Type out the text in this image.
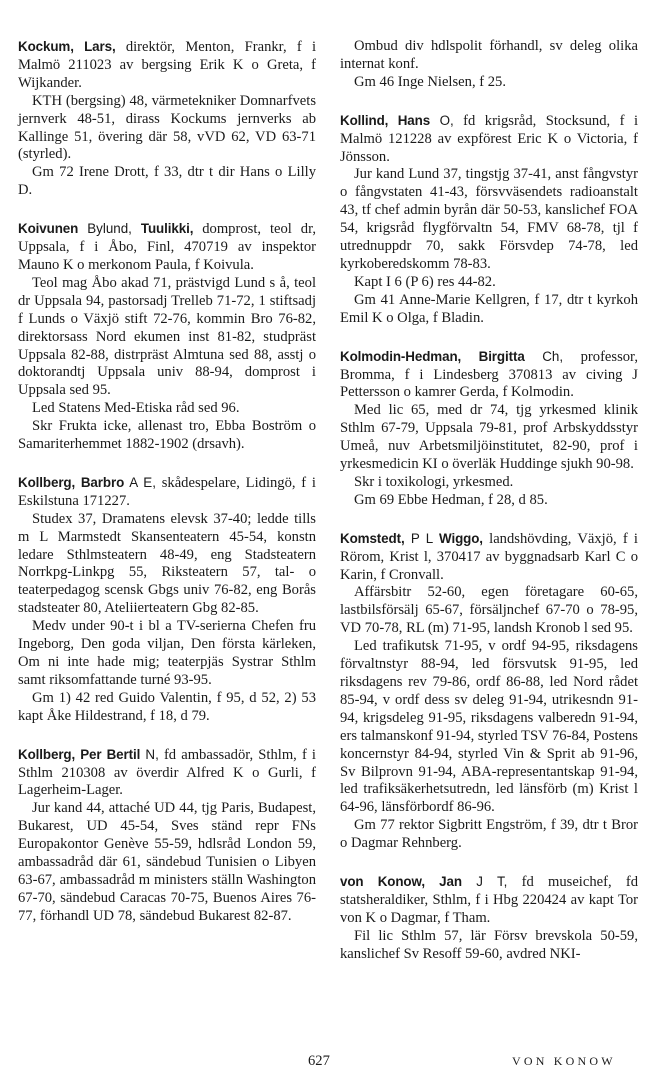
Kockum, Lars, direktör, Menton, Frankr, f i Malmö 211023 av bergsing Erik K o Greta, f Wijkander.

KTH (bergsing) 48, värmetekniker Domnarfvets jernverk 48-51, dirass Kockums jernverks ab Kallinge 51, övering där 58, vVD 62, VD 63-71 (styrled).

Gm 72 Irene Drott, f 33, dtr t dir Hans o Lilly D.

Koivunen Bylund, Tuulikki, domprost, teol dr, Uppsala, f i Åbo, Finl, 470719 av inspektor Mauno K o merkonom Paula, f Koivula.

Teol mag Åbo akad 71, prästvigd Lund s å, teol dr Uppsala 94, pastorsadj Trelleb 71-72, 1 stiftsadj f Lunds o Växjö stift 72-76, kommin Bro 76-82, direktorsass Nord ekumen inst 81-82, studpräst Uppsala 82-88, distrpräst Almtuna sed 88, asstj o doktorandtj Uppsala univ 88-94, domprost i Uppsala sed 95.

Led Statens Med-Etiska råd sed 96.

Skr Frukta icke, allenast tro, Ebba Boström o Samariterhemmet 1882-1902 (drsavh).

Kollberg, Barbro A E, skådespelare, Lidingö, f i Eskilstuna 171227.

Studex 37, Dramatens elevsk 37-40; ledde tills m L Marmstedt Skansenteatern 45-54, konstn ledare Sthlmsteatern 48-49, eng Stadsteatern Norrkpg-Linkpg 55, Riksteatern 57, tal- o teaterpedagog scensk Gbgs univ 76-82, eng Borås stadsteater 80, Ateliierteatern Gbg 82-85.

Medv under 90-t i bl a TV-serierna Chefen fru Ingeborg, Den goda viljan, Den första kärleken, Om ni inte hade mig; teaterpjäs Systrar Sthlm samt riksomfattande turné 93-95.

Gm 1) 42 red Guido Valentin, f 95, d 52, 2) 53 kapt Åke Hildestrand, f 18, d 79.

Kollberg, Per Bertil N, fd ambassadör, Sthlm, f i Sthlm 210308 av överdir Alfred K o Gurli, f Lagerheim-Lager.

Jur kand 44, attaché UD 44, tjg Paris, Budapest, Bukarest, UD 45-54, Sves ständ repr FNs Europakontor Genève 55-59, hdlsråd London 59, ambassadråd där 61, sändebud Tunisien o Libyen 63-67, ambassadråd m ministers ställn Washington 67-70, sändebud Caracas 70-75, Buenos Aires 76-77, förhandl UD 78, sändebud Bukarest 82-87.

Ombud div hdlspolit förhandl, sv deleg olika internat konf.

Gm 46 Inge Nielsen, f 25.

Kollind, Hans O, fd krigsråd, Stocksund, f i Malmö 121228 av expförest Eric K o Victoria, f Jönsson.

Jur kand Lund 37, tingstjg 37-41, anst fångvstyr o fångvstaten 41-43, försvväsendets radioanstalt 43, tf chef admin byrån där 50-53, kanslichef FOA 54, krigsråd flygförvaltn 54, FMV 68-78, tjl f utrednuppdr 70, sakk Försvdep 74-78, led kyrkoberedskomm 78-83.

Kapt I 6 (P 6) res 44-82.

Gm 41 Anne-Marie Kellgren, f 17, dtr t kyrkoh Emil K o Olga, f Bladin.

Kolmodin-Hedman, Birgitta Ch, professor, Bromma, f i Lindesberg 370813 av civing J Pettersson o kamrer Gerda, f Kolmodin.

Med lic 65, med dr 74, tjg yrkesmed klinik Sthlm 67-79, Uppsala 79-81, prof Arbskyddsstyr Umeå, nuv Arbetsmiljöinstitutet, 82-90, prof i yrkesmedicin KI o överläk Huddinge sjukh 90-98.

Skr i toxikologi, yrkesmed.

Gm 69 Ebbe Hedman, f 28, d 85.

Komstedt, P L Wiggo, landshövding, Växjö, f i Rörom, Krist l, 370417 av byggnadsarb Karl C o Karin, f Cronvall.

Affärsbitr 52-60, egen företagare 60-65, lastbilsförsälj 65-67, försäljnchef 67-70 o 78-95, VD 70-78, RL (m) 71-95, landsh Kronob l sed 95.

Led trafikutsk 71-95, v ordf 94-95, riksdagens förvaltnstyr 88-94, led försvutsk 91-95, led riksdagens rev 79-86, ordf 86-88, led Nord rådet 85-94, v ordf dess sv deleg 91-94, utrikesndn 91-94, krigsdeleg 91-95, riksdagens valberedn 91-94, ers talmanskonf 91-94, styrled TSV 76-84, Postens koncernstyr 84-94, styrled Vin & Sprit ab 91-96, Sv Bilprovn 91-94, ABA-representantskap 91-94, led trafiksäkerhetsutredn, led länsförb (m) Krist l 64-96, länsförbordf 86-96.

Gm 77 rektor Sigbritt Engström, f 39, dtr t Bror o Dagmar Rehnberg.

von Konow, Jan J T, fd museichef, fd statsheraldiker, Sthlm, f i Hbg 220424 av kapt Tor von K o Dagmar, f Tham.

Fil lic Sthlm 57, lär Försv brevskola 50-59, kanslichef Sv Resoff 59-60, avdred NKI-

627	VON KONOW
